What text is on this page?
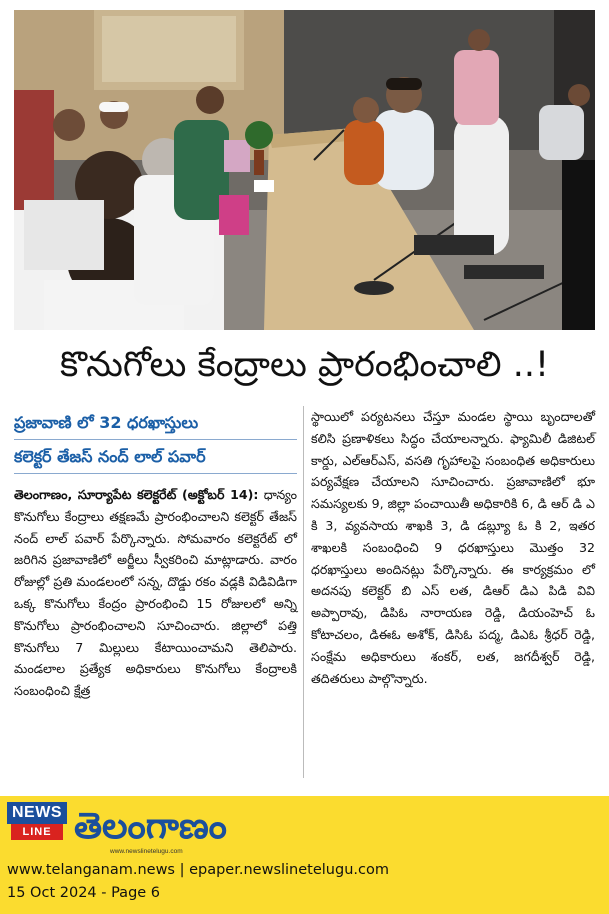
కొనుగోలు కేంద్రాలు ప్రారంభించాలి ..!
ప్రజావాణి లో 32 ధరఖాస్తులు
కలెక్టర్ తేజస్ నంద్ లాల్ పవార్

తెలంగాణం, సూర్యాపేట కలెక్టరేట్ (అక్టోబర్ 14): ధాన్యం కొనుగోలు కేంద్రాలు తక్షణమే ప్రారంభించాలని కలెక్టర్ తేజస్ నంద్ లాల్ పవార్ పేర్కొన్నారు. సోమవారం కలెక్టరేట్ లో జరిగిన ప్రజావాణిలో అర్జీలు స్వీకరించి మాట్లాడారు. వారం రోజుల్లో ప్రతి మండలంలో సన్న, దొడ్డు రకం వడ్లకి విడివిడిగా ఒక్క కొనుగోలు కేంద్రం ప్రారంభించి 15 రోజులలో అన్ని కొనుగోలు ప్రారంభించాలని సూచించారు. జిల్లాలో పత్తి కొనుగోలు 7 మిల్లులు కేటాయించామని తెలిపారు. మండలాల ప్రత్యేక అధికారులు కొనుగోలు కేంద్రాలకి సంబంధించి క్షేత్ర

స్థాయిలో పర్యటనలు చేస్తూ మండల స్థాయి బృందాలతో కలిసి ప్రణాళికలు సిద్ధం చేయాలన్నారు. ఫ్యామిలీ డిజిటల్ కార్డు, ఎల్ఆర్ఎస్, వసతి గృహాలపై సంబంధిత అధికారులు పర్యవేక్షణ చేయాలని సూచించారు. ప్రజావాణిలో భూ సమస్యలకు 9, జిల్లా పంచాయితీ అధికారికి 6, డి ఆర్ డి ఎ కి 3, వ్యవసాయ శాఖకి 3, డి డబ్ల్యూ ఓ కి 2, ఇతర శాఖలకి సంబంధించి 9 ధరఖాస్తులు మొత్తం 32 ధరఖాస్తులు అందినట్లు పేర్కొన్నారు. ఈ కార్యక్రమం లో అదనపు కలెక్టర్ బి ఎస్ లత, డిఆర్ డిఎ పిడి వివి అప్పారావు, డిపిఓ నారాయణ రెడ్డి, డియంహెచ్ ఓ కోటాచలం, డిఈఓ అశోక్, డిసిఓ పద్మ, డిఎఓ శ్రీధర్ రెడ్డి, సంక్షేమ అధికారులు శంకర్, లత, జగదీశ్వర్ రెడ్డి, తదితరులు పాల్గొన్నారు.

NEWS
LINE తెలంగాణం
www.newslinetelugu.com
www.telanganam.news | epaper.newslinetelugu.com
15 Oct 2024 - Page 6
